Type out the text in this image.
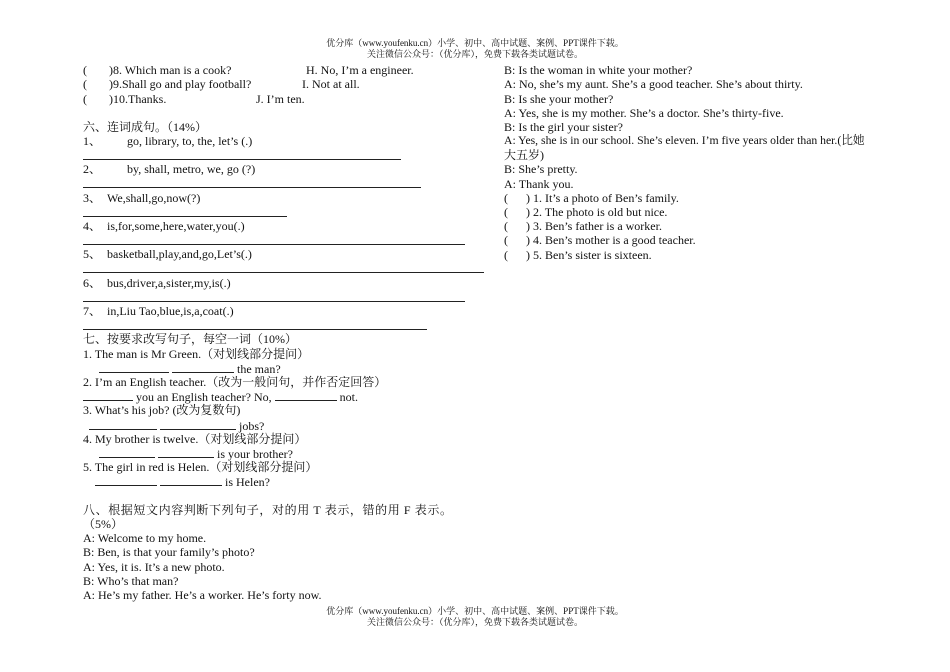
优分库（www.youfenku.cn）小学、初中、高中试题、案例、PPT课件下载。
关注微信公众号：（优分库），免费下载各类试题试卷。
( )8. Which man is a cook?	H. No, I’m a engineer.
( )9.Shall go and play football?	I. Not at all.
( )10.Thanks.	J. I’m ten.
六、连词成句。（14%）
1、 go, library, to, the, let’s (.)
2、 by, shall, metro, we, go (?)
3、 We,shall,go,now(?)
4、 is,for,some,here,water,you(.)
5、 basketball,play,and,go,Let’s(.)
6、 bus,driver,a,sister,my,is(.)
7、 in,Liu Tao,blue,is,a,coat(.)
七、按要求改写句子，每空一词（10%）
1. The man is Mr Green.（对划线部分提问）
the man?
2. I’m an English teacher.（改为一般问句，并作否定回答）
you an English teacher? No,	not.
3. What’s his job? (改为复数句)
jobs?
4. My brother is twelve.（对划线部分提问）
is your brother?
5. The girl in red is Helen.（对划线部分提问）
is Helen?
八、根据短文内容判断下列句子，对的用 T 表示，错的用 F 表示。
（5%）
A: Welcome to my home.
B: Ben, is that your family’s photo?
A: Yes, it is. It’s a new photo.
B: Who’s that man?
A: He’s my father. He’s a worker. He’s forty now.
B: Is the woman in white your mother?
A: No, she’s my aunt. She’s a good teacher. She’s about thirty.
B: Is she your mother?
A: Yes, she is my mother. She’s a doctor. She’s thirty-five.
B: Is the girl your sister?
A: Yes, she is in our school. She’s eleven. I’m five years older than her.(比她
大五岁)
B: She’s pretty.
A: Thank you.
( ) 1. It’s a photo of Ben’s family.
( ) 2. The photo is old but nice.
( ) 3. Ben’s father is a worker.
( ) 4. Ben’s mother is a good teacher.
( ) 5. Ben’s sister is sixteen.
优分库（www.youfenku.cn）小学、初中、高中试题、案例、PPT课件下载。
关注微信公众号：（优分库），免费下载各类试题试卷。
